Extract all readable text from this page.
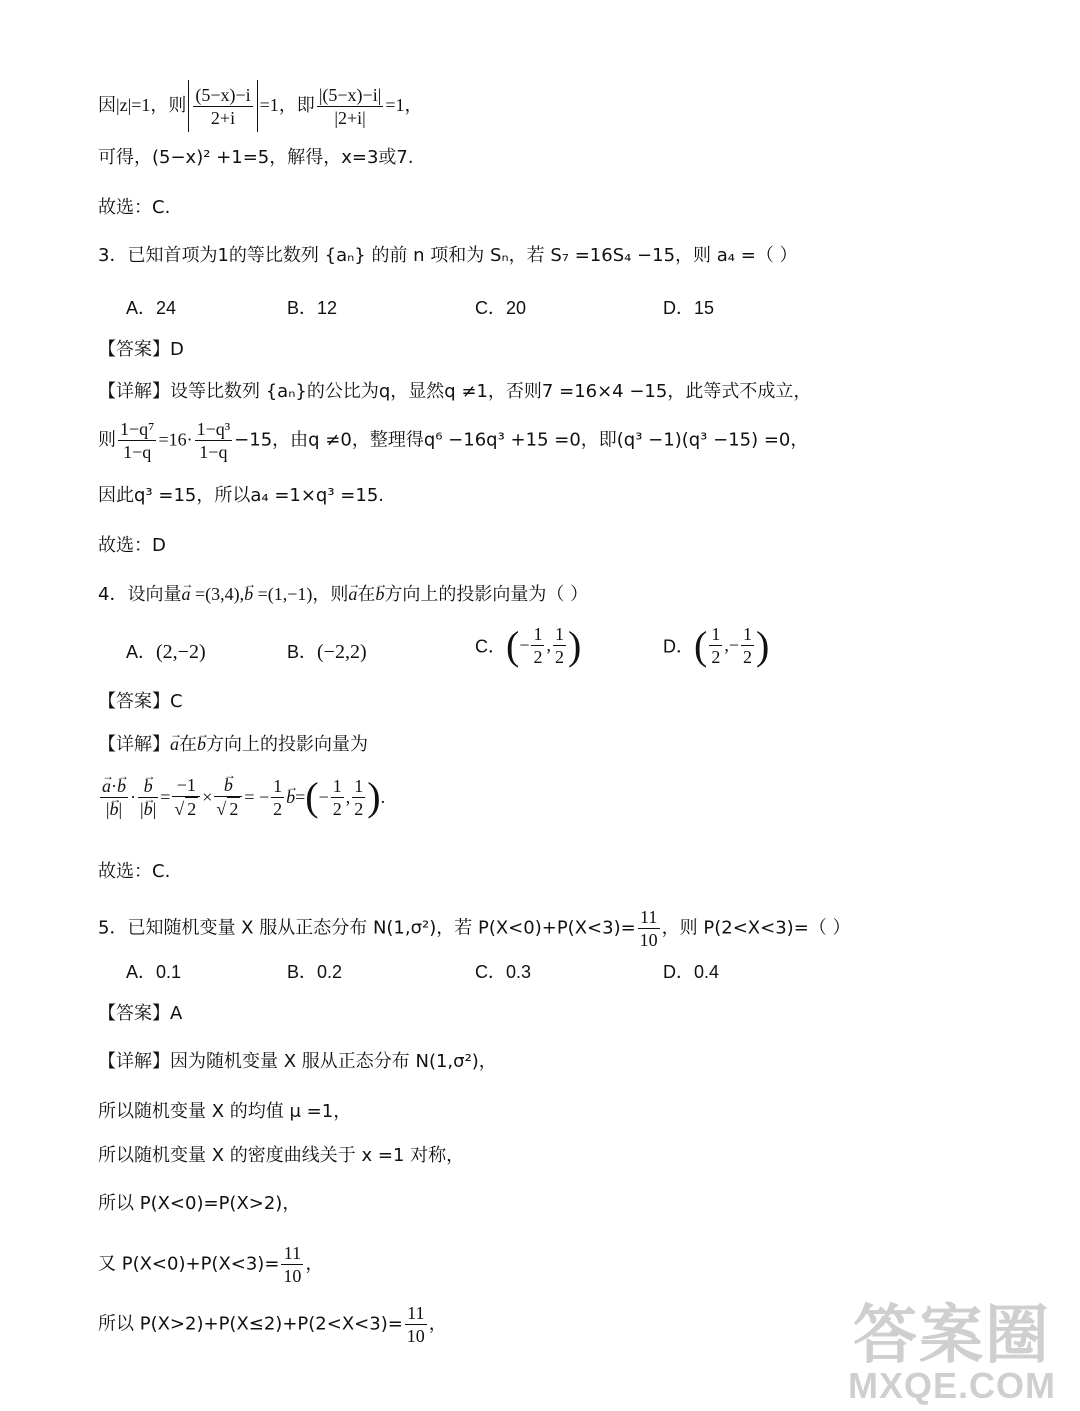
因|z|=1，则 $\frac{(5-x)-i}{2+i} =1$，即 $\frac{|(5-x)-i|}{|2+i|} =1$，
可得，(5−x)² +1=5，解得，x=3或7.
故选：C.
3．已知首项为1的等比数列 {aₙ} 的前 n 项和为 Sₙ，若 S₇ =16S₄ −15，则 a₄ =（ ）
A．24	B．12	C．20	D．15
【答案】D
【详解】设等比数列 {aₙ}的公比为q，显然q ≠1，否则7 =16×4 −15，此等式不成立，
则 $\frac{\text{1−q⁷}}{1-q} =16\cdot \frac{\text{1−q³}}{1-q} -15$，由q ≠0，整理得q⁶ −16q³ +15 =0，即(q³ −1)(q³ −15) =0，
因此q³ =15，所以a₄ =1×q³ =15.
故选：D
4．设向量→ a =(3,4),→ b =(1,−1)，则→ a在→ b方向上的投影向量为（ ）
A．(2,−2)	B．(−2,2)	C．(− $\frac{1}{2}$ , $\frac{1}{2}$ )	D．( $\frac{1}{2}$ ,− $\frac{1}{2}$ )
【答案】C
【详解】→ a在→ b方向上的投影向量为
→ $\frac{a\cdot\to b}{|\to b|}$ ·
→ $\frac{b}{|\to b|} = \frac{-1}{√ 2}$ ×
→ $\frac{b}{√ 2}$ = − $\frac{1}{2}$
→ $b=(- \frac{1}{2}$ , $\frac{1}{2}$ ).
故选：C.
5．已知随机变量 X 服从正态分布 N(1,σ²)，若 $P(X<0)+P(X<3)= \frac{11}{10}$ ，则 P(2<X<3)=（ ）
A．0.1	B．0.2	C．0.3	D．0.4
【答案】A
【详解】因为随机变量 X 服从正态分布 N(1,σ²)，
所以随机变量 X 的均值 μ =1，
所以随机变量 X 的密度曲线关于 x =1 对称，
所以 P(X<0)=P(X>2)，
又 $P(X<0)+P(X<3)= \frac{11}{10}$ ，
所以 $P(X>2)+P(X\le 2)+P(2<X<3)= \frac{11}{10}$ ，	答案圈
MXQE.COM
